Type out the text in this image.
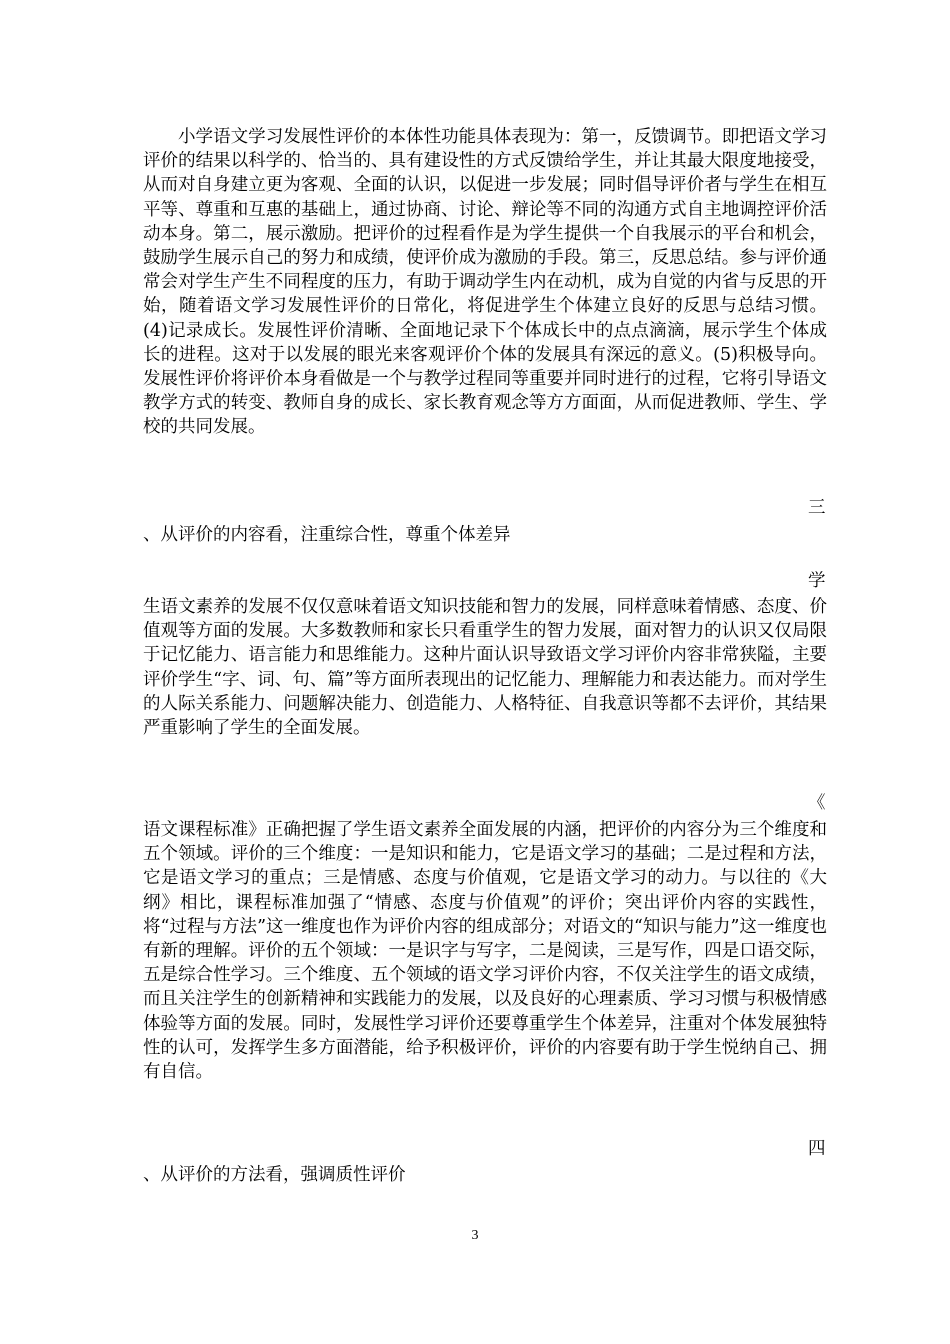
小学语文学习发展性评价的本体性功能具体表现为：第一，反馈调节。即把语文学习评价的结果以科学的、恰当的、具有建设性的方式反馈给学生，并让其最大限度地接受，从而对自身建立更为客观、全面的认识，以促进一步发展；同时倡导评价者与学生在相互平等、尊重和互惠的基础上，通过协商、讨论、辩论等不同的沟通方式自主地调控评价活动本身。第二，展示激励。把评价的过程看作是为学生提供一个自我展示的平台和机会，鼓励学生展示自己的努力和成绩，使评价成为激励的手段。第三，反思总结。参与评价通常会对学生产生不同程度的压力，有助于调动学生内在动机，成为自觉的内省与反思的开始，随着语文学习发展性评价的日常化，将促进学生个体建立良好的反思与总结习惯。(4)记录成长。发展性评价清晰、全面地记录下个体成长中的点点滴滴，展示学生个体成长的进程。这对于以发展的眼光来客观评价个体的发展具有深远的意义。(5)积极导向。发展性评价将评价本身看做是一个与教学过程同等重要并同时进行的过程，它将引导语文教学方式的转变、教师自身的成长、家长教育观念等方方面面，从而促进教师、学生、学校的共同发展。

三

、从评价的内容看，注重综合性，尊重个体差异

学

生语文素养的发展不仅仅意味着语文知识技能和智力的发展，同样意味着情感、态度、价值观等方面的发展。大多数教师和家长只看重学生的智力发展，面对智力的认识又仅局限于记忆能力、语言能力和思维能力。这种片面认识导致语文学习评价内容非常狭隘，主要评价学生“字、词、句、篇”等方面所表现出的记忆能力、理解能力和表达能力。而对学生的人际关系能力、问题解决能力、创造能力、人格特征、自我意识等都不去评价，其结果严重影响了学生的全面发展。

《

语文课程标准》正确把握了学生语文素养全面发展的内涵，把评价的内容分为三个维度和五个领域。评价的三个维度：一是知识和能力，它是语文学习的基础；二是过程和方法，它是语文学习的重点；三是情感、态度与价值观，它是语文学习的动力。与以往的《大纲》相比，课程标准加强了“情感、态度与价值观”的评价；突出评价内容的实践性，将“过程与方法”这一维度也作为评价内容的组成部分；对语文的“知识与能力”这一维度也有新的理解。评价的五个领域：一是识字与写字，二是阅读，三是写作，四是口语交际，五是综合性学习。三个维度、五个领域的语文学习评价内容，不仅关注学生的语文成绩，而且关注学生的创新精神和实践能力的发展，以及良好的心理素质、学习习惯与积极情感体验等方面的发展。同时，发展性学习评价还要尊重学生个体差异，注重对个体发展独特性的认可，发挥学生多方面潜能，给予积极评价，评价的内容要有助于学生悦纳自己、拥有自信。

四

、从评价的方法看，强调质性评价

3
